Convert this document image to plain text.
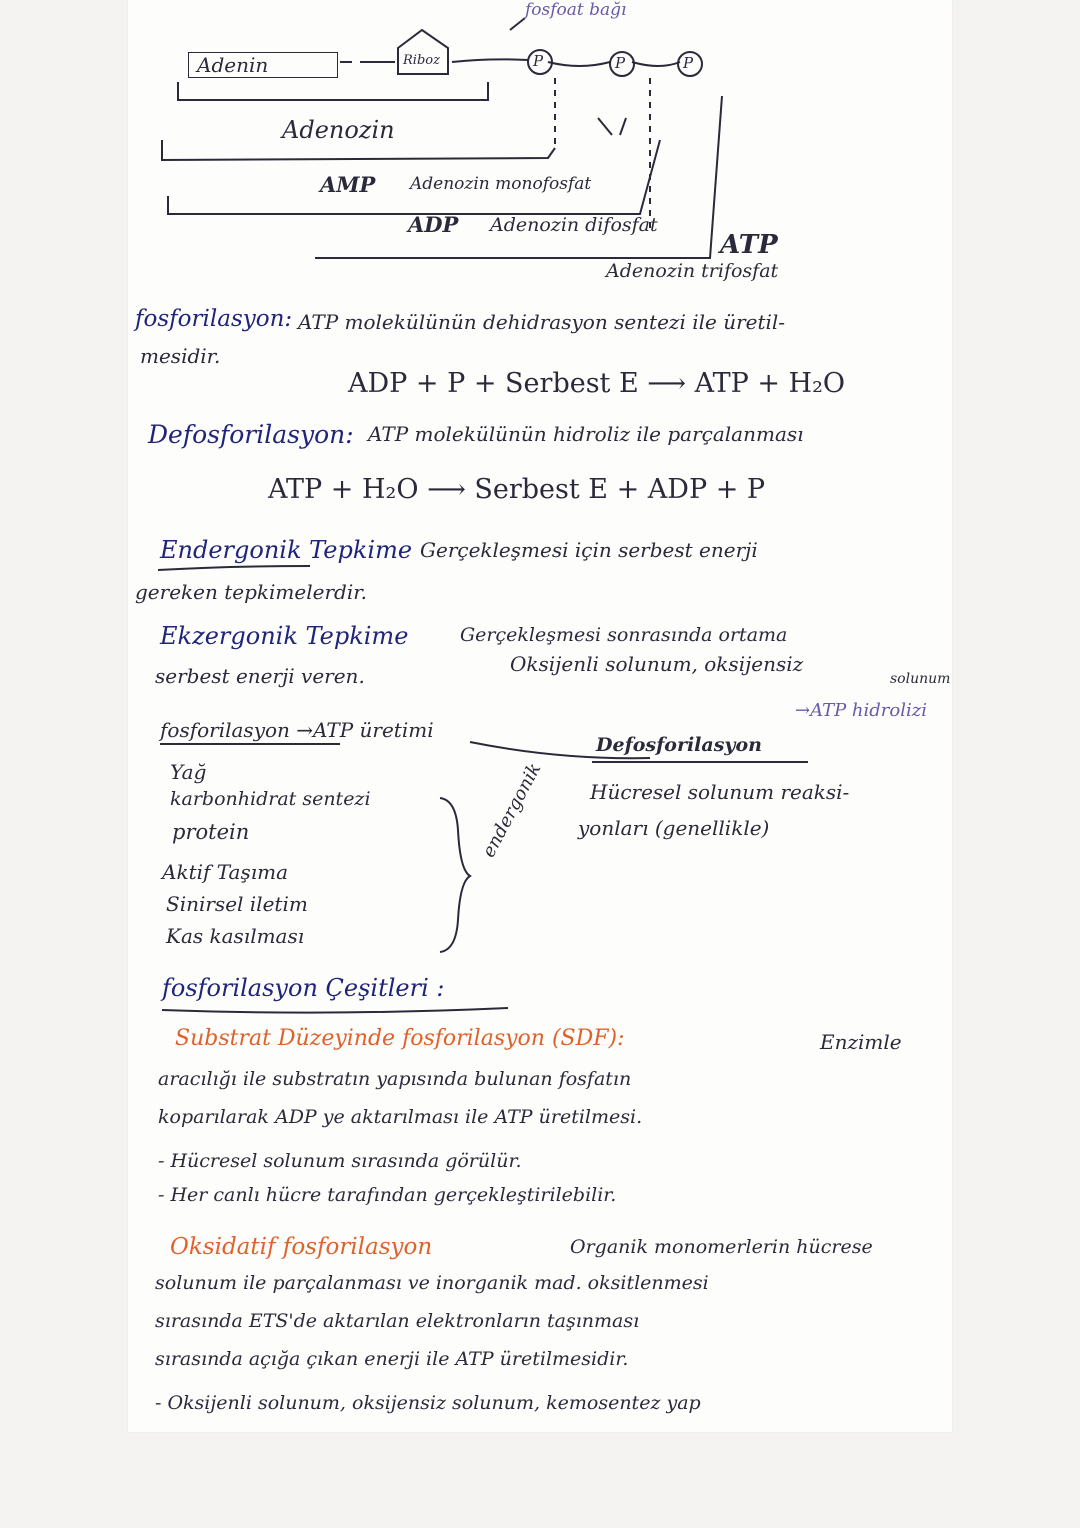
Adenin	Riboz	P	P	P
fosfoat bağı
Adenozin
AMP Adenozin monofosfat
ADP Adenozin difosfat
ATP
Adenozin trifosfat
fosforilasyon: ATP molekülünün dehidrasyon sentezi ile üretil-
mesidir.
ADP + P + Serbest E ⟶ ATP + H₂O
Defosforilasyon: ATP molekülünün hidroliz ile parçalanması
ATP + H₂O ⟶ Serbest E + ADP + P
Endergonik Tepkime Gerçekleşmesi için serbest enerji
gereken tepkimelerdir.
Ekzergonik Tepkime	Gerçekleşmesi sonrasında ortama
serbest enerji veren.	Oksijenli solunum, oksijensiz
solunum
fosforilasyon →ATP üretimi
Yağ
karbonhidrat sentezi
protein
Aktif Taşıma
Sinirsel iletim
Kas kasılması
endergonik
Defosforilasyon
→ATP hidrolizi
Hücresel solunum reaksi-
yonları (genellikle)
fosforilasyon Çeşitleri :
Substrat Düzeyinde fosforilasyon (SDF):	Enzimle
aracılığı ile substratın yapısında bulunan fosfatın
koparılarak ADP ye aktarılması ile ATP üretilmesi.
- Hücresel solunum sırasında görülür.
- Her canlı hücre tarafından gerçekleştirilebilir.
Oksidatif fosforilasyon	Organik monomerlerin hücrese
solunum ile parçalanması ve inorganik mad. oksitlenmesi
sırasında ETS'de aktarılan elektronların taşınması
sırasında açığa çıkan enerji ile ATP üretilmesidir.
- Oksijenli solunum, oksijensiz solunum, kemosentez yap
